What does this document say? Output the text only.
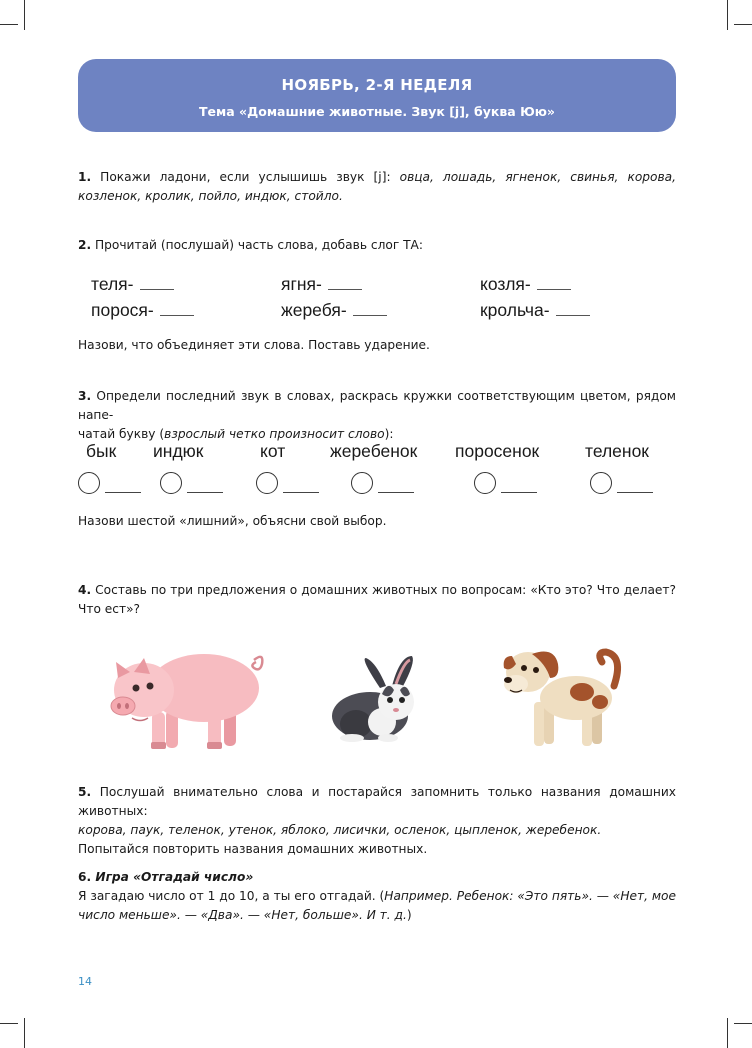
НОЯБРЬ, 2-Я НЕДЕЛЯ
Тема «Домашние животные. Звук [j], буква Юю»
1. Покажи ладони, если услышишь звук [j]: овца, лошадь, ягненок, свинья, корова, козленок, кролик, пойло, индюк, стойло.
2. Прочитай (послушай) часть слова, добавь слог ТА:
теля-	ягня-	козля-
порося-	жеребя-	крольча-
Назови, что объединяет эти слова. Поставь ударение.
3. Определи последний звук в словах, раскрась кружки соответствующим цветом, рядом напе-
чатай букву (взрослый четко произносит слово):
бык индюк	кот	жеребенок поросенок	теленок
Назови шестой «лишний», объясни свой выбор.
4. Составь по три предложения о домашних животных по вопросам: «Кто это? Что делает? Что ест»?
5. Послушай внимательно слова и постарайся запомнить только названия домашних животных:
корова, паук, теленок, утенок, яблоко, лисички, осленок, цыпленок, жеребенок.
Попытайся повторить названия домашних животных.
6. Игра «Отгадай число»
Я загадаю число от 1 до 10, а ты его отгадай. (Например. Ребенок: «Это пять». — «Нет, мое число меньше». — «Два». — «Нет, больше». И т. д.)
14
